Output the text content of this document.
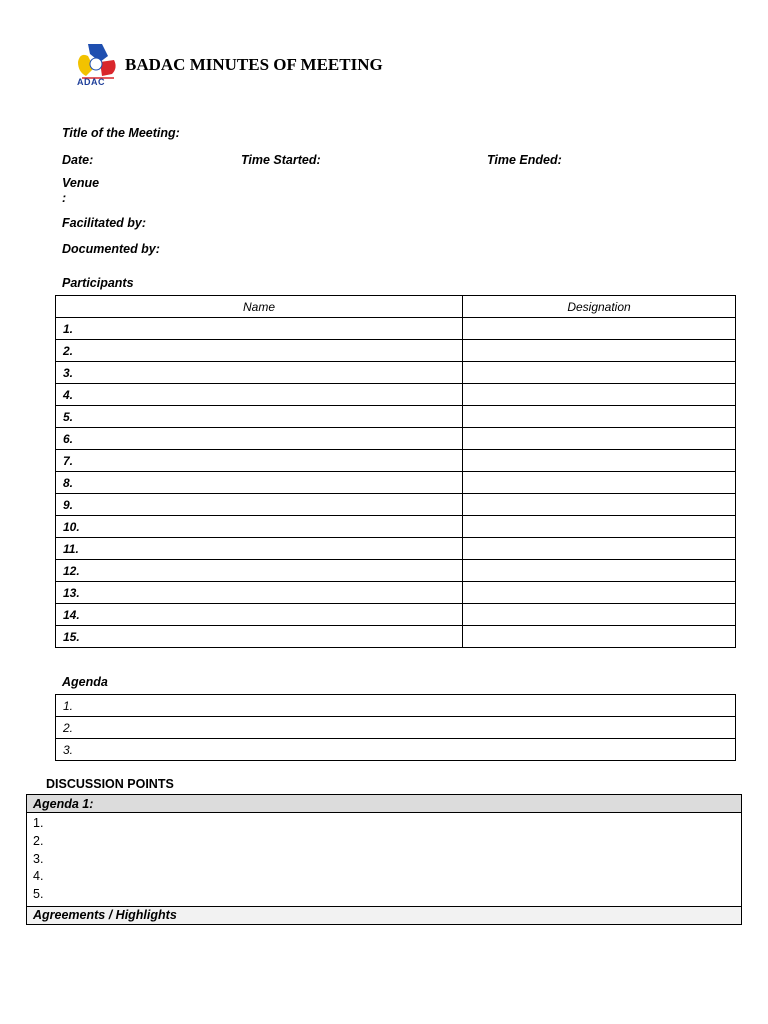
ADAC
BADAC MINUTES OF MEETING
Title of the Meeting:
Date:	Time Started:	Time Ended:
Venue
:
Facilitated by:
Documented by:
Participants
Name	Designation
1.	
2.	
3.	
4.	
5.	
6.	
7.	
8.	
9.	
10.	
11.	
12.	
13.	
14.	
15.	
Agenda
1.
2.
3.
DISCUSSION POINTS
Agenda 1:

1.
2.
3.
4.
5.

Agreements / Highlights
